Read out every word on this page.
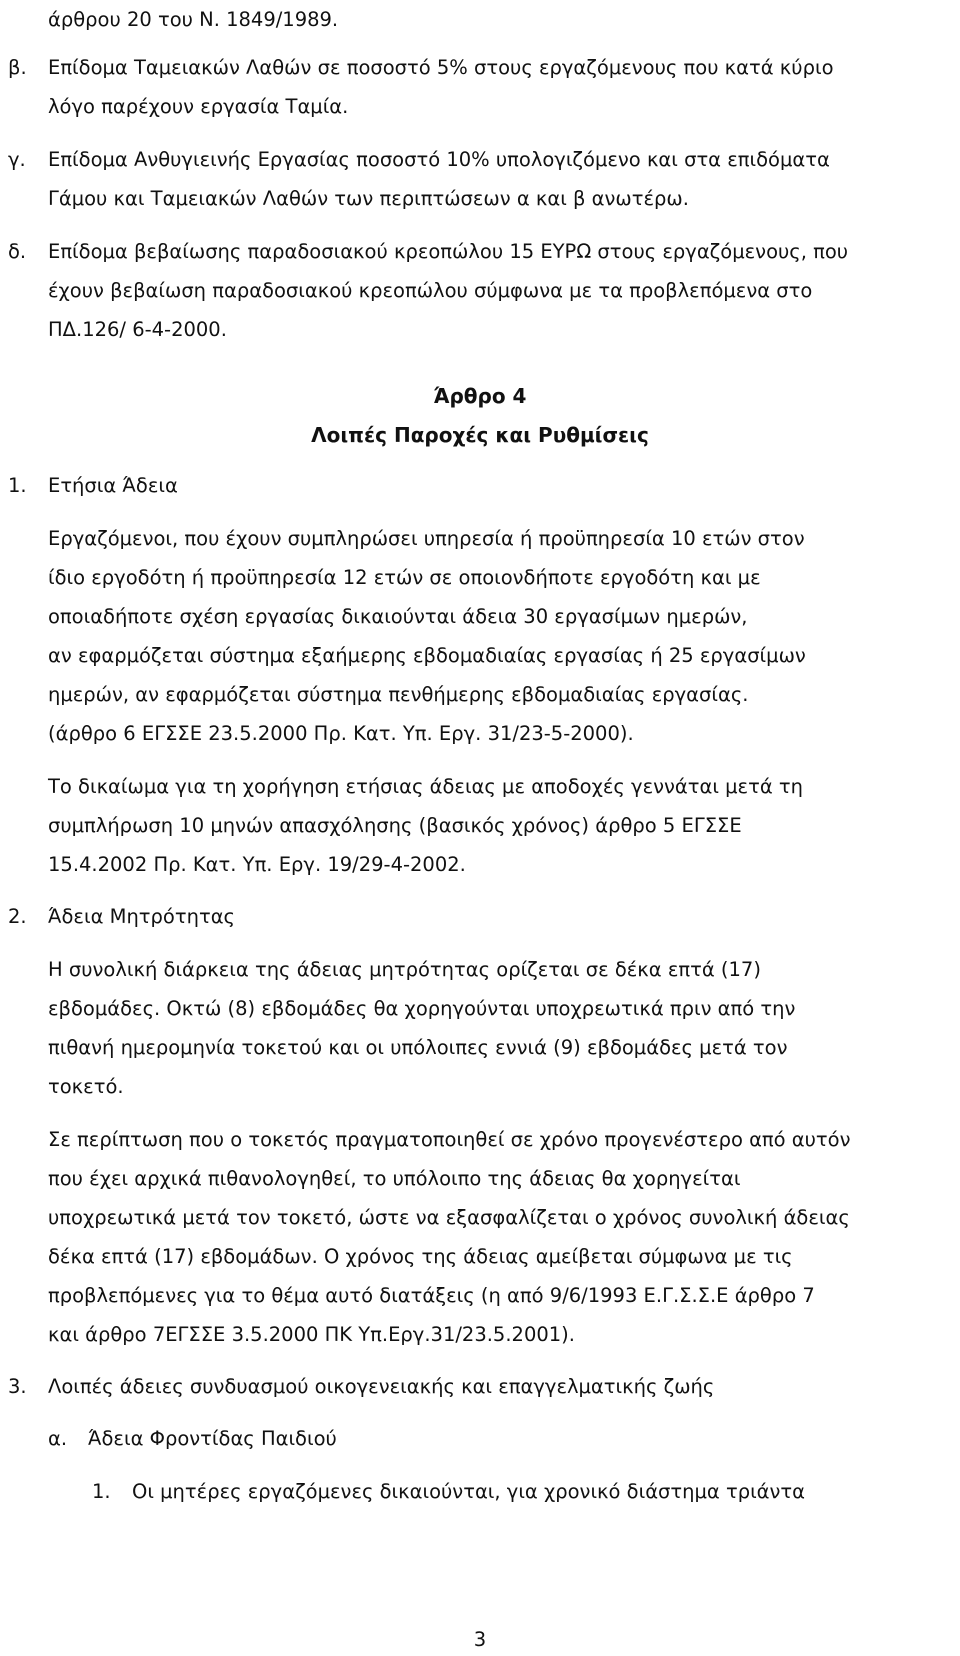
άρθρου 20 του Ν. 1849/1989.
β. Επίδομα Ταμειακών Λαθών σε ποσοστό 5% στους εργαζόμενους που κατά κύριο
λόγο παρέχουν εργασία Ταμία.
γ. Επίδομα Ανθυγιεινής Εργασίας ποσοστό 10% υπολογιζόμενο και στα επιδόματα
Γάμου και Ταμειακών Λαθών των περιπτώσεων α και β ανωτέρω.
δ. Επίδομα βεβαίωσης παραδοσιακού κρεοπώλου 15 ΕΥΡΩ στους εργαζόμενους, που
έχουν βεβαίωση παραδοσιακού κρεοπώλου σύμφωνα με τα προβλεπόμενα στο
ΠΔ.126/ 6-4-2000.
Άρθρο 4
Λοιπές Παροχές και Ρυθμίσεις
1. Ετήσια Άδεια
Εργαζόμενοι, που έχουν συμπληρώσει υπηρεσία ή προϋπηρεσία 10 ετών στον
ίδιο εργοδότη ή προϋπηρεσία 12 ετών σε οποιονδήποτε εργοδότη και με
οποιαδήποτε σχέση εργασίας δικαιούνται άδεια 30 εργασίμων ημερών,
αν εφαρμόζεται σύστημα εξαήμερης εβδομαδιαίας εργασίας ή 25 εργασίμων
ημερών, αν εφαρμόζεται σύστημα πενθήμερης εβδομαδιαίας εργασίας.
(άρθρο 6 ΕΓΣΣΕ 23.5.2000 Πρ. Κατ. Υπ. Εργ. 31/23-5-2000).
Το δικαίωμα για τη χορήγηση ετήσιας άδειας με αποδοχές γεννάται μετά τη
συμπλήρωση 10 μηνών απασχόλησης (βασικός χρόνος) άρθρο 5 ΕΓΣΣΕ
15.4.2002 Πρ. Κατ. Υπ. Εργ. 19/29-4-2002.
2. Άδεια Μητρότητας
Η συνολική διάρκεια της άδειας μητρότητας ορίζεται σε δέκα επτά (17)
εβδομάδες. Οκτώ (8) εβδομάδες θα χορηγούνται υποχρεωτικά πριν από την
πιθανή ημερομηνία τοκετού και οι υπόλοιπες εννιά (9) εβδομάδες μετά τον
τοκετό.
Σε περίπτωση που ο τοκετός πραγματοποιηθεί σε χρόνο προγενέστερο από αυτόν
που έχει αρχικά πιθανολογηθεί, το υπόλοιπο της άδειας θα χορηγείται
υποχρεωτικά μετά τον τοκετό, ώστε να εξασφαλίζεται ο χρόνος συνολική άδειας
δέκα επτά (17) εβδομάδων. Ο χρόνος της άδειας αμείβεται σύμφωνα με τις
προβλεπόμενες για το θέμα αυτό διατάξεις (η από 9/6/1993 Ε.Γ.Σ.Σ.Ε άρθρο 7
και άρθρο 7ΕΓΣΣΕ 3.5.2000 ΠΚ Υπ.Εργ.31/23.5.2001).
3. Λοιπές άδειες συνδυασμού οικογενειακής και επαγγελματικής ζωής
α. Άδεια Φροντίδας Παιδιού
1. Οι μητέρες εργαζόμενες δικαιούνται, για χρονικό διάστημα τριάντα
3
